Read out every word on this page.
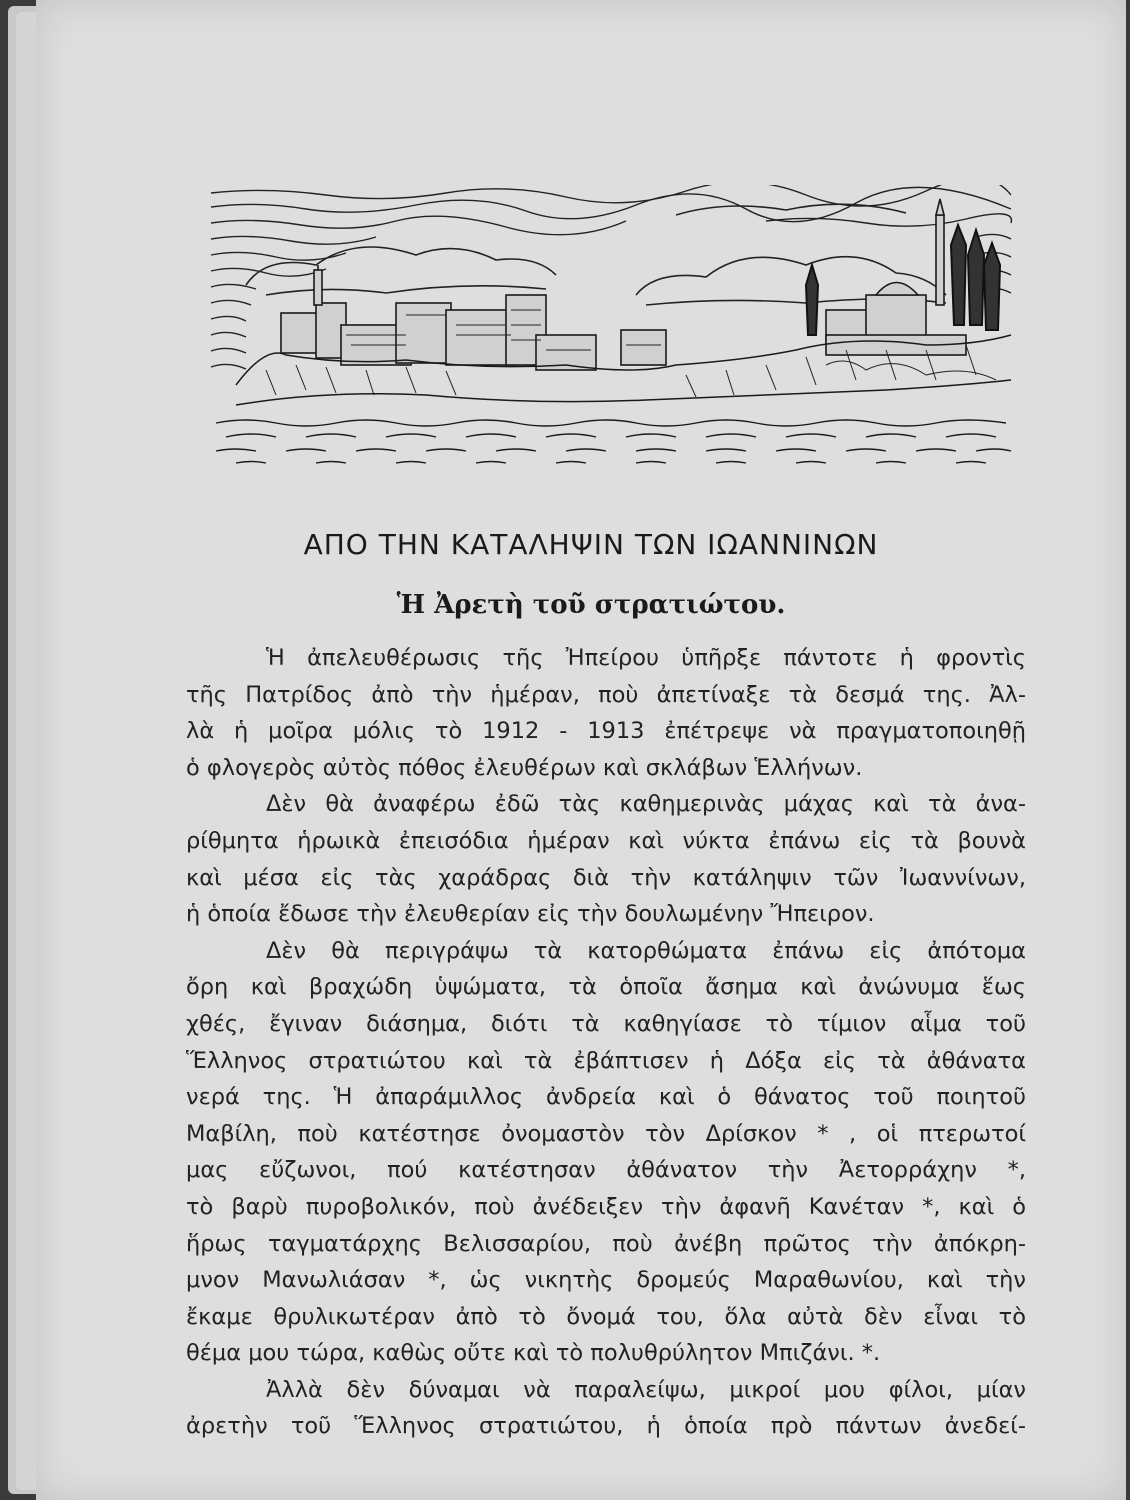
ΑΠΟ ΤΗΝ ΚΑΤΑΛΗΨΙΝ ΤΩΝ ΙΩΑΝΝΙΝΩΝ
Ἡ Ἀρετὴ τοῦ στρατιώτου.
Ἡ ἀπελευθέρωσις τῆς Ἠπείρου ὑπῆρξε πάντοτε ἡ φροντὶς
τῆς Πατρίδος ἀπὸ τὴν ἡμέραν, ποὺ ἀπετίναξε τὰ δεσμά της. Ἀλ-
λὰ ἡ μοῖρα μόλις τὸ 1912 - 1913 ἐπέτρεψε νὰ πραγματοποιηθῇ
ὁ φλογερὸς αὐτὸς πόθος ἐλευθέρων καὶ σκλάβων Ἑλλήνων.
Δὲν θὰ ἀναφέρω ἐδῶ τὰς καθημερινὰς μάχας καὶ τὰ ἀνα-
ρίθμητα ἡρωικὰ ἐπεισόδια ἡμέραν καὶ νύκτα ἐπάνω εἰς τὰ βουνὰ
καὶ μέσα εἰς τὰς χαράδρας διὰ τὴν κατάληψιν τῶν Ἰωαννίνων,
ἡ ὁποία ἔδωσε τὴν ἐλευθερίαν εἰς τὴν δουλωμένην Ἤπειρον.
Δὲν θὰ περιγράψω τὰ κατορθώματα ἐπάνω εἰς ἀπότομα
ὄρη καὶ βραχώδη ὑψώματα, τὰ ὁποῖα ἄσημα καὶ ἀνώνυμα ἕως
χθές, ἔγιναν διάσημα, διότι τὰ καθηγίασε τὸ τίμιον αἷμα τοῦ
Ἕλληνος στρατιώτου καὶ τὰ ἐβάπτισεν ἡ Δόξα εἰς τὰ ἀθάνατα
νερά της. Ἡ ἀπαράμιλλος ἀνδρεία καὶ ὁ θάνατος τοῦ ποιητοῦ
Μαβίλη, ποὺ κατέστησε ὀνομαστὸν τὸν Δρίσκον * , οἱ πτερωτοί
μας εὔζωνοι, πού κατέστησαν ἀθάνατον τὴν Ἀετορράχην *,
τὸ βαρὺ πυροβολικόν, ποὺ ἀνέδειξεν τὴν ἀφανῆ Κανέταν *, καὶ ὁ
ἥρως ταγματάρχης Βελισσαρίου, ποὺ ἀνέβη πρῶτος τὴν ἀπόκρη-
μνον Μανωλιάσαν *, ὡς νικητὴς δρομεύς Μαραθωνίου, καὶ τὴν
ἔκαμε θρυλικωτέραν ἀπὸ τὸ ὄνομά του, ὅλα αὐτὰ δὲν εἶναι τὸ
θέμα μου τώρα, καθὼς οὔτε καὶ τὸ πολυθρύλητον Μπιζάνι. *.
Ἀλλὰ δὲν δύναμαι νὰ παραλείψω, μικροί μου φίλοι, μίαν
ἀρετὴν τοῦ Ἕλληνος στρατιώτου, ἡ ὁποία πρὸ πάντων ἀνεδεί-
